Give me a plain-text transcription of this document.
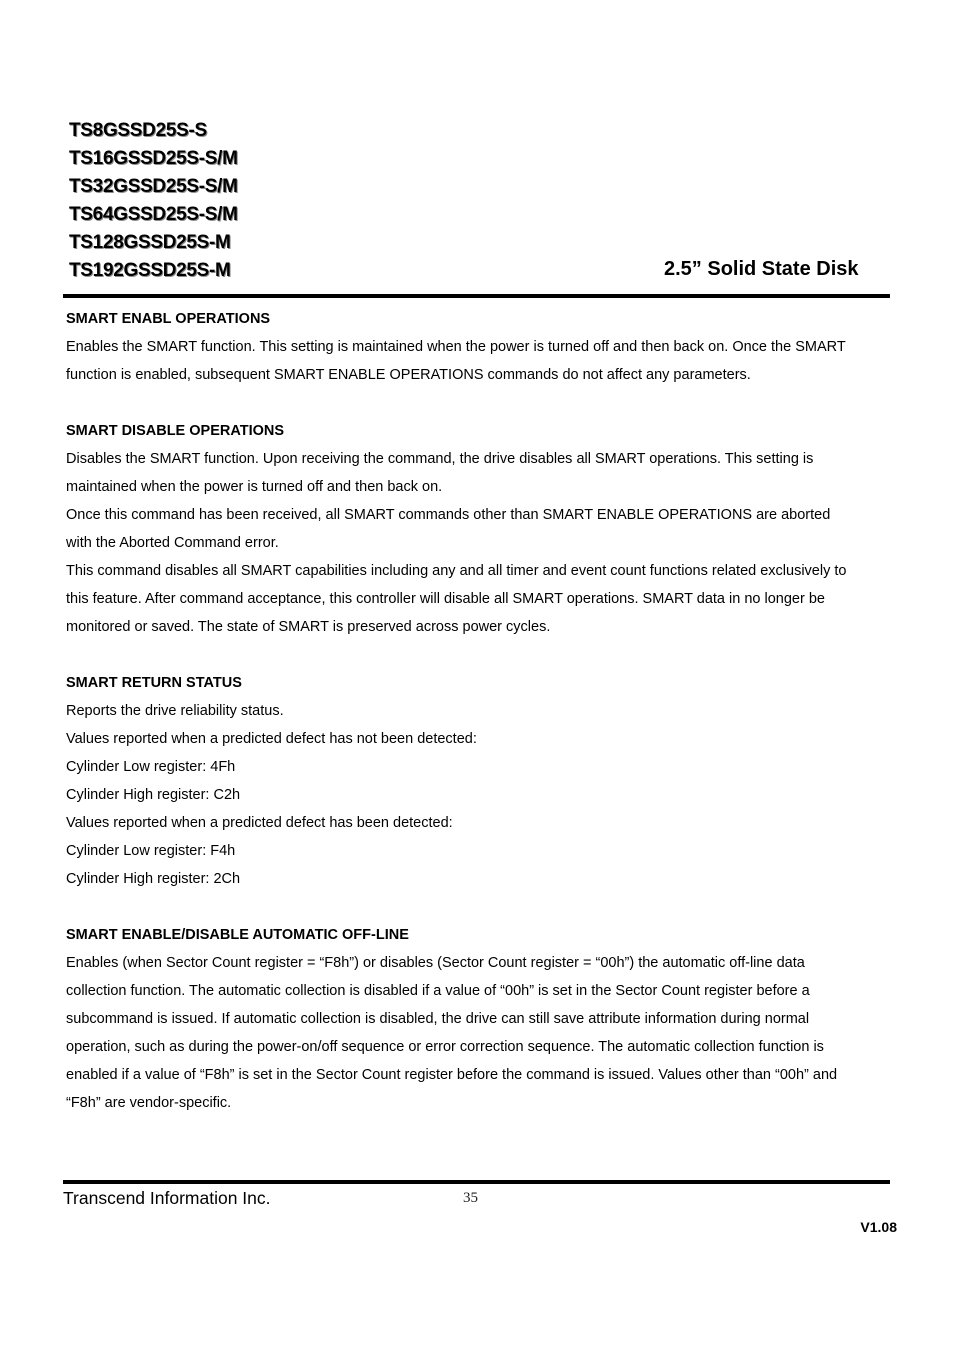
TS8GSSD25S-S
TS16GSSD25S-S/M
TS32GSSD25S-S/M
TS64GSSD25S-S/M
TS128GSSD25S-M
TS192GSSD25S-M	2.5” Solid State Disk
SMART ENABL OPERATIONS
Enables the SMART function. This setting is maintained when the power is turned off and then back on. Once the SMART
function is enabled, subsequent SMART ENABLE OPERATIONS commands do not affect any parameters.
SMART DISABLE OPERATIONS
Disables the SMART function. Upon receiving the command, the drive disables all SMART operations. This setting is
maintained when the power is turned off and then back on.
Once this command has been received, all SMART commands other than SMART ENABLE OPERATIONS are aborted
with the Aborted Command error.
This command disables all SMART capabilities including any and all timer and event count functions related exclusively to
this feature. After command acceptance, this controller will disable all SMART operations. SMART data in no longer be
monitored or saved. The state of SMART is preserved across power cycles.
SMART RETURN STATUS
Reports the drive reliability status.
Values reported when a predicted defect has not been detected:
Cylinder Low register: 4Fh
Cylinder High register: C2h
Values reported when a predicted defect has been detected:
Cylinder Low register: F4h
Cylinder High register: 2Ch
SMART ENABLE/DISABLE AUTOMATIC OFF-LINE
Enables (when Sector Count register = “F8h”) or disables (Sector Count register = “00h”) the automatic off-line data
collection function. The automatic collection is disabled if a value of “00h” is set in the Sector Count register before a
subcommand is issued. If automatic collection is disabled, the drive can still save attribute information during normal
operation, such as during the power-on/off sequence or error correction sequence. The automatic collection function is
enabled if a value of “F8h” is set in the Sector Count register before the command is issued. Values other than “00h” and
“F8h” are vendor-specific.
Transcend Information Inc.	35
V1.08
